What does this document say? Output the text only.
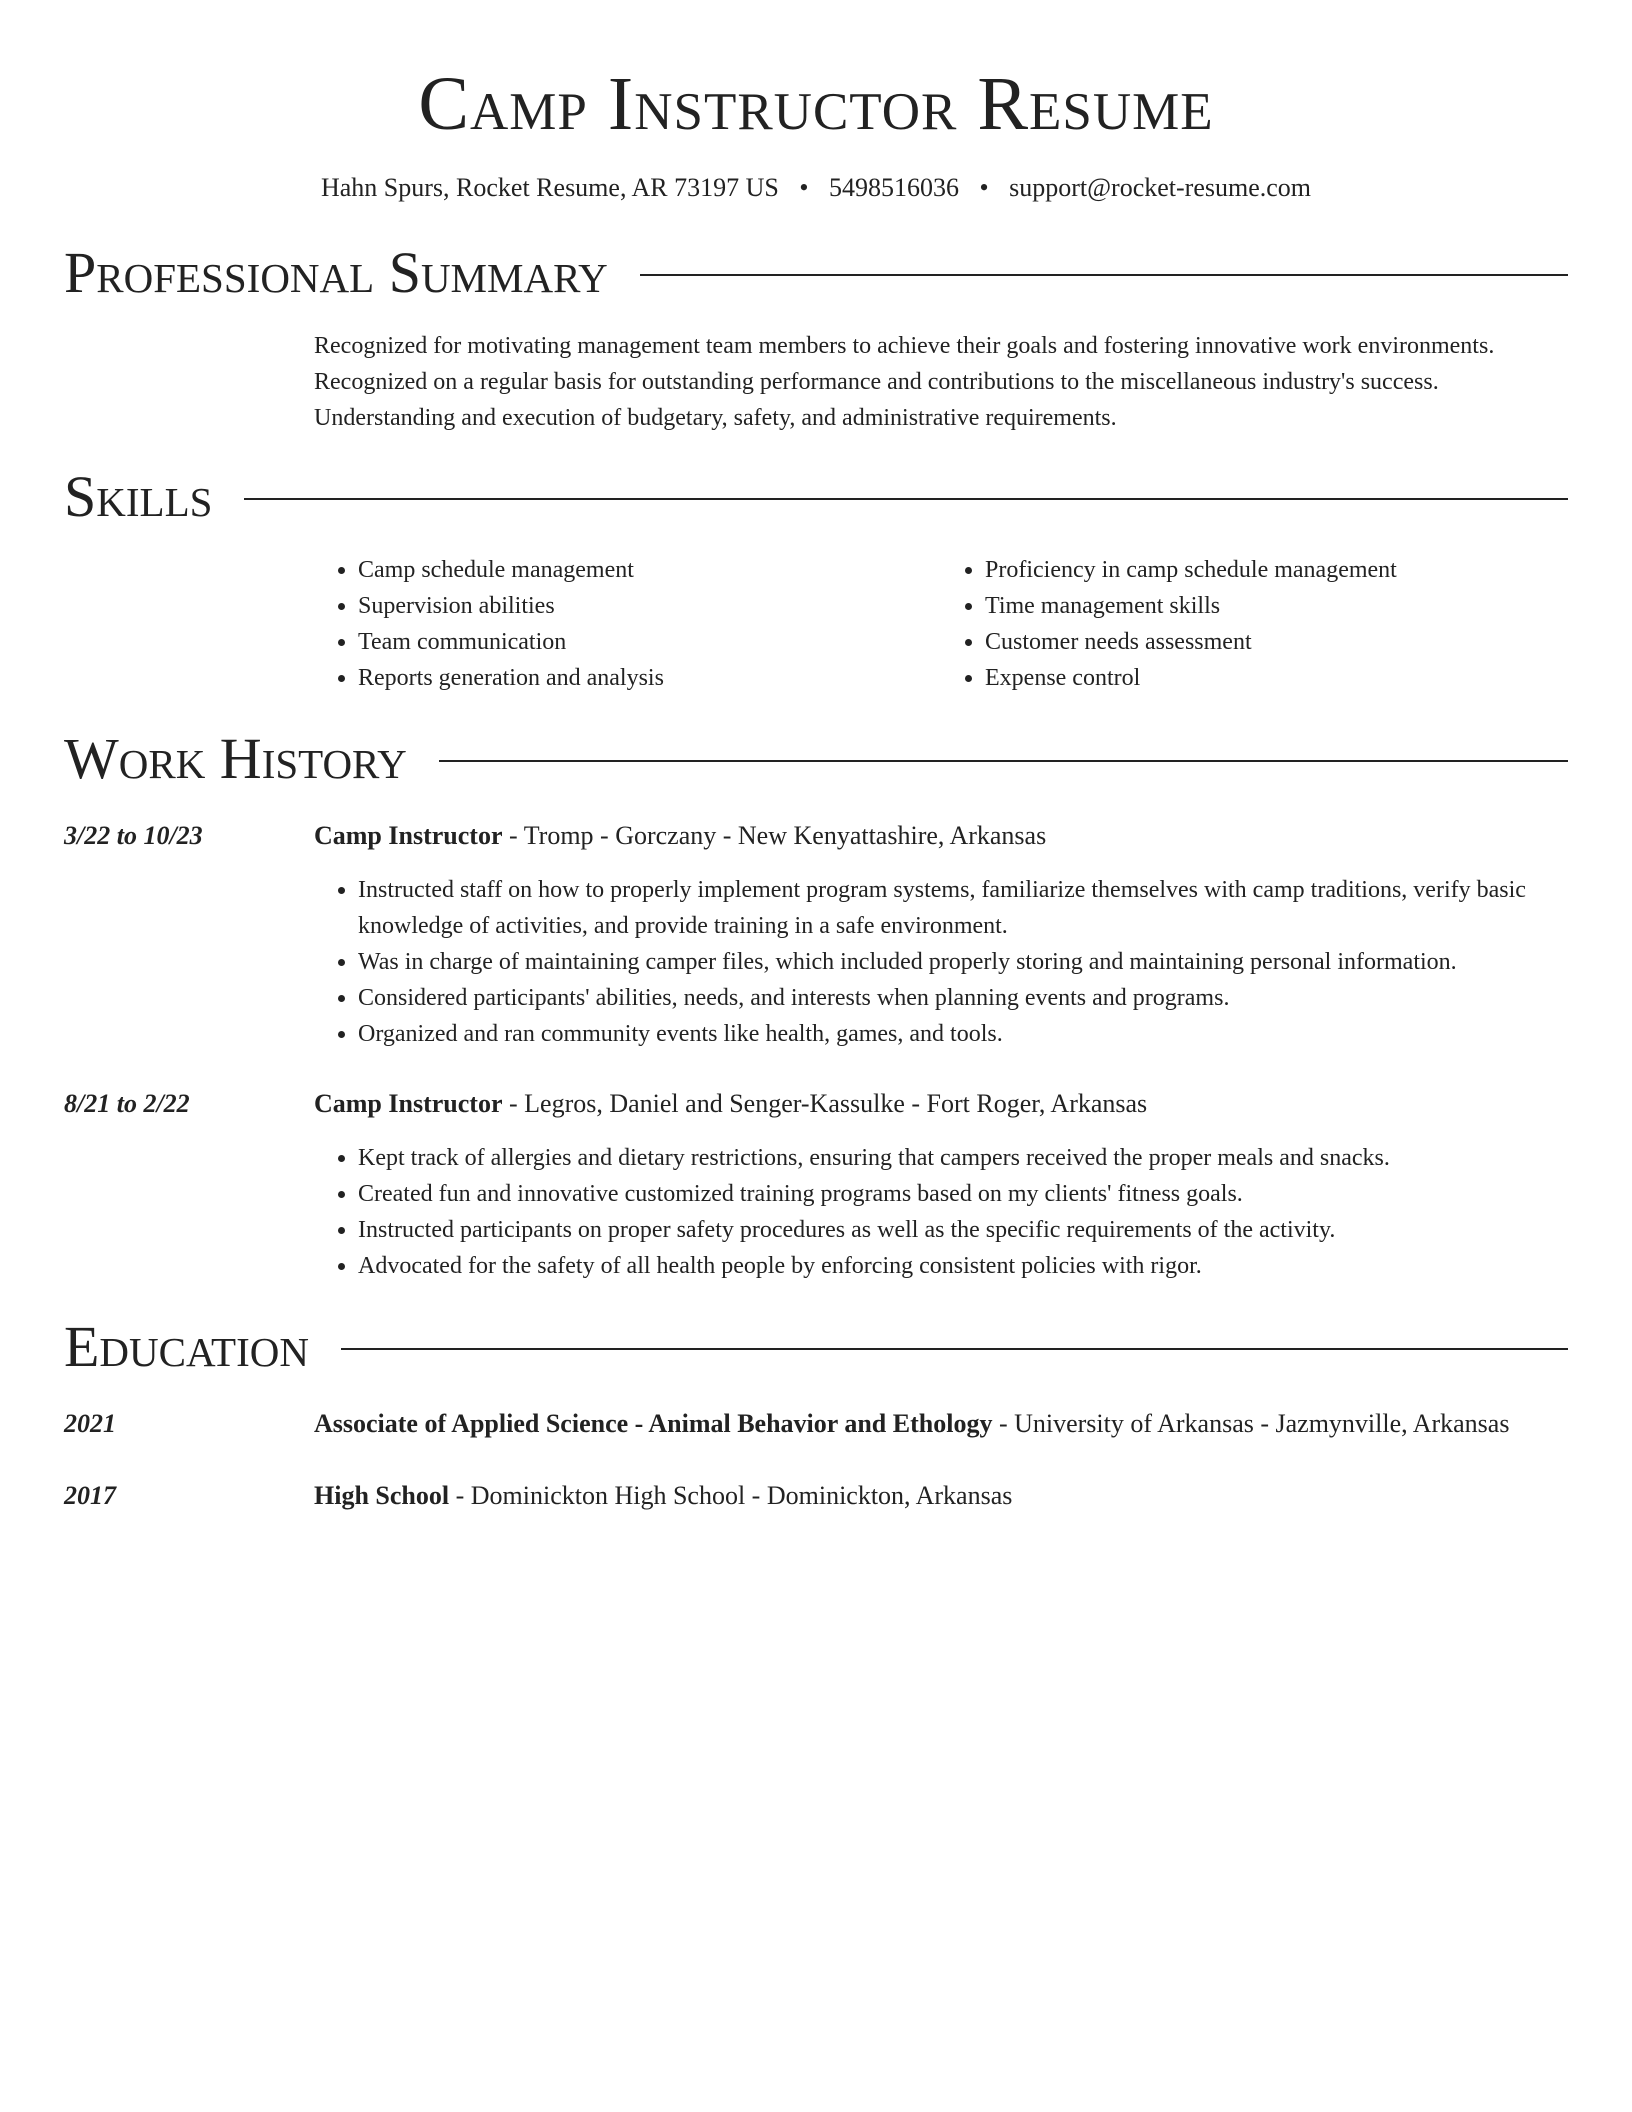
Camp Instructor Resume
Hahn Spurs, Rocket Resume, AR 73197 US • 5498516036 • support@rocket-resume.com
Professional Summary

Recognized for motivating management team members to achieve their goals and fostering innovative work environments. Recognized on a regular basis for outstanding performance and contributions to the miscellaneous industry's success. Understanding and execution of budgetary, safety, and administrative requirements.

Skills
• Camp schedule management
• Supervision abilities
• Team communication
• Reports generation and analysis
• Proficiency in camp schedule management
• Time management skills
• Customer needs assessment
• Expense control
Work History
3/22 to 10/23	Camp Instructor - Tromp - Gorczany - New Kenyattashire, Arkansas
• Instructed staff on how to properly implement program systems, familiarize themselves with camp traditions, verify basic knowledge of activities, and provide training in a safe environment.
• Was in charge of maintaining camper files, which included properly storing and maintaining personal information.
• Considered participants' abilities, needs, and interests when planning events and programs.
• Organized and ran community events like health, games, and tools.
8/21 to 2/22	Camp Instructor - Legros, Daniel and Senger-Kassulke - Fort Roger, Arkansas
• Kept track of allergies and dietary restrictions, ensuring that campers received the proper meals and snacks.
• Created fun and innovative customized training programs based on my clients' fitness goals.
• Instructed participants on proper safety procedures as well as the specific requirements of the activity.
• Advocated for the safety of all health people by enforcing consistent policies with rigor.
Education
2021	Associate of Applied Science - Animal Behavior and Ethology - University of Arkansas - Jazmynville, Arkansas
2017	High School - Dominickton High School - Dominickton, Arkansas
